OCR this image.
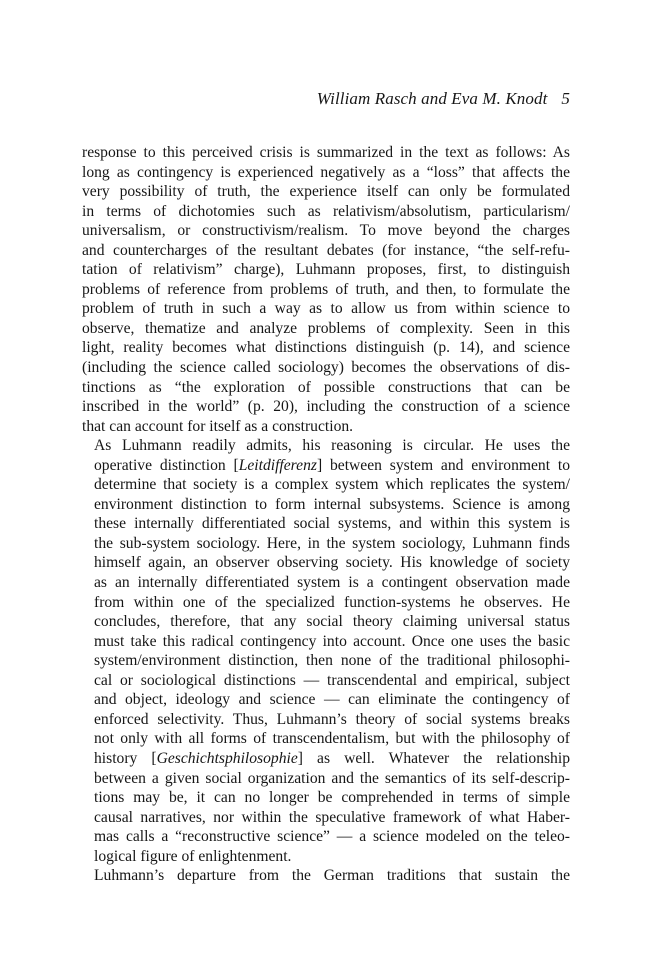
William Rasch and Eva M. Knodt 5

response to this perceived crisis is summarized in the text as follows: As
long as contingency is experienced negatively as a “loss” that affects the
very possibility of truth, the experience itself can only be formulated
in terms of dichotomies such as relativism/absolutism, particularism/
universalism, or constructivism/realism. To move beyond the charges
and countercharges of the resultant debates (for instance, “the self-refu-
tation of relativism” charge), Luhmann proposes, first, to distinguish
problems of reference from problems of truth, and then, to formulate the
problem of truth in such a way as to allow us from within science to
observe, thematize and analyze problems of complexity. Seen in this
light, reality becomes what distinctions distinguish (p. 14), and science
(including the science called sociology) becomes the observations of dis-
tinctions as “the exploration of possible constructions that can be
inscribed in the world” (p. 20), including the construction of a science
that can account for itself as a construction.

As Luhmann readily admits, his reasoning is circular. He uses the
operative distinction [Leitdifferenz] between system and environment to
determine that society is a complex system which replicates the system/
environment distinction to form internal subsystems. Science is among
these internally differentiated social systems, and within this system is
the sub-system sociology. Here, in the system sociology, Luhmann finds
himself again, an observer observing society. His knowledge of society
as an internally differentiated system is a contingent observation made
from within one of the specialized function-systems he observes. He
concludes, therefore, that any social theory claiming universal status
must take this radical contingency into account. Once one uses the basic
system/environment distinction, then none of the traditional philosophi-
cal or sociological distinctions — transcendental and empirical, subject
and object, ideology and science — can eliminate the contingency of
enforced selectivity. Thus, Luhmann’s theory of social systems breaks
not only with all forms of transcendentalism, but with the philosophy of
history [Geschichtsphilosophie] as well. Whatever the relationship
between a given social organization and the semantics of its self-descrip-
tions may be, it can no longer be comprehended in terms of simple
causal narratives, nor within the speculative framework of what Haber-
mas calls a “reconstructive science” — a science modeled on the teleo-
logical figure of enlightenment.

Luhmann’s departure from the German traditions that sustain the
